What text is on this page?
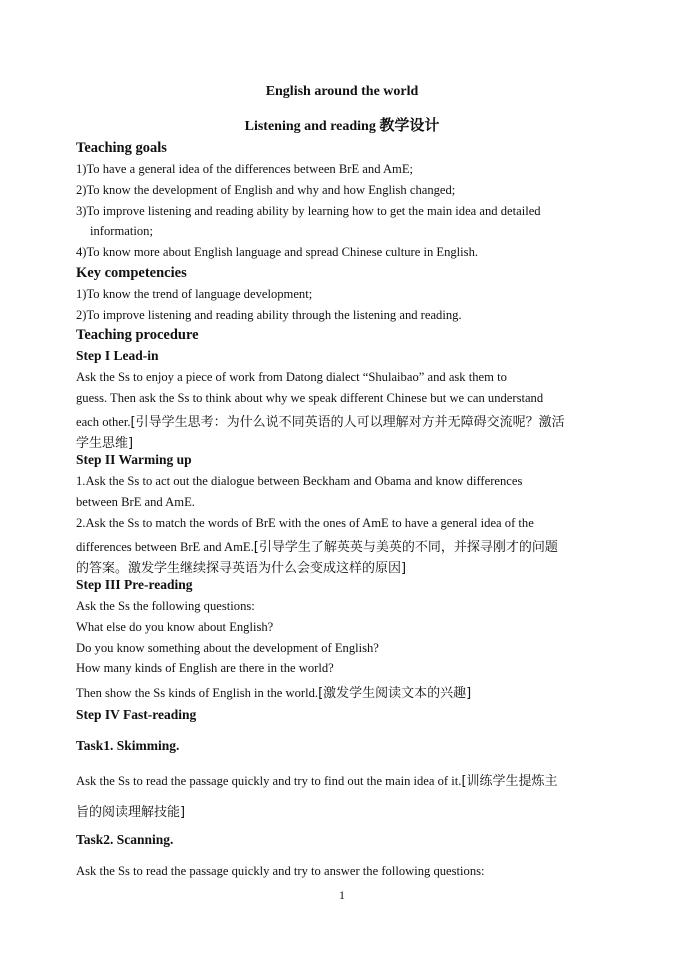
English around the world
Listening and reading 教学设计
Teaching goals
1)To have a general idea of the differences between BrE and AmE;
2)To know the development of English and why and how English changed;
3)To improve listening and reading ability by learning how to get the main idea and detailed
information;
4)To know more about English language and spread Chinese culture in English.
Key competencies
1)To know the trend of language development;
2)To improve listening and reading ability through the listening and reading.
Teaching procedure
Step I Lead-in
Ask the Ss to enjoy a piece of work from Datong dialect “Shulaibao” and ask them to
guess. Then ask the Ss to think about why we speak different Chinese but we can understand
each other.[引导学生思考：为什么说不同英语的人可以理解对方并无障碍交流呢？激活
学生思维]
Step II Warming up
1.Ask the Ss to act out the dialogue between Beckham and Obama and know differences
between BrE and AmE.
2.Ask the Ss to match the words of BrE with the ones of AmE to have a general idea of the
differences between BrE and AmE.[引导学生了解英英与美英的不同，并探寻刚才的问题
的答案。激发学生继续探寻英语为什么会变成这样的原因]
Step III Pre-reading
Ask the Ss the following questions:
What else do you know about English?
Do you know something about the development of English?
How many kinds of English are there in the world?
Then show the Ss kinds of English in the world.[激发学生阅读文本的兴趣]
Step IV Fast-reading
Task1. Skimming.
Ask the Ss to read the passage quickly and try to find out the main idea of it.[训练学生提炼主
旨的阅读理解技能]
Task2. Scanning.
Ask the Ss to read the passage quickly and try to answer the following questions:
1
